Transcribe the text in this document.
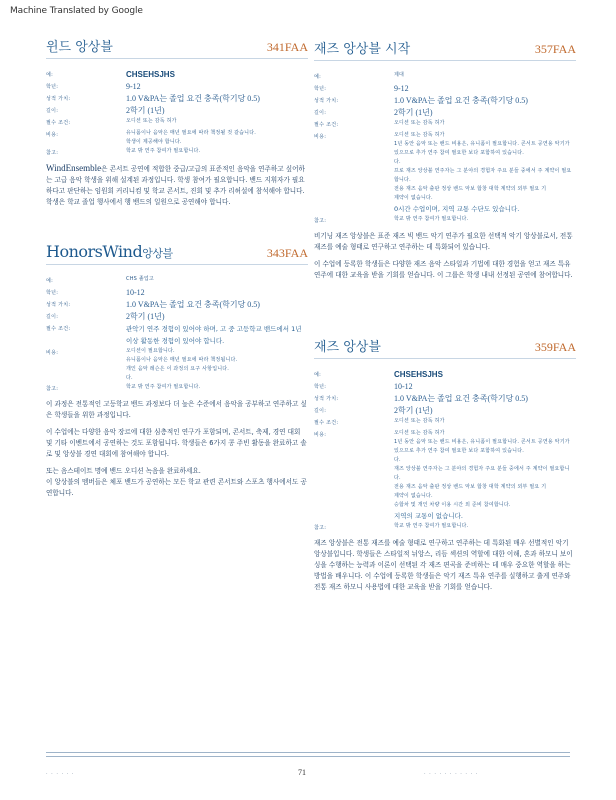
Machine Translated by Google
윈드 앙상블	341FAA
예:	CHSEHSJHS
학년:	9-12
성적 가치:	1.0 V&PA는 졸업 요건 충족(학기당 0.5)
길이:	2학기 (1년)
필수 조건:	오디션 또는 감독 허가
비용:	유니폼이나 음악은 매년 필요에 따라 책정될 것 같습니다.
학생이 제공해야 합니다.
참고:	학교 밖 연주 참여가 필요합니다.

WindEnsemble은 콘서트 공연에 적합한 중급/고급의 표준적인 음악을 연주하고 싶어하는 고급 음악 학생을 위해 설계된 과정입니다. 학생 참여가 필요합니다. 밴드 지휘자가 필요하다고 판단하는 임원회 커리니컴 및 학교 콘서트, 진회 및 추가 리허설에 참석해야 합니다. 학생은 학교 졸업 행사에서 행 밴드의 일원으로 공연해야 합니다.

HonorsWind앙상블	343FAA
예:	CHS 졸업고
학년:	10-12
성적 가치:	1.0 V&PA는 졸업 요건 충족(학기당 0.5)
길이:	2학기 (1년)
필수 조건:	관악기 연주 경험이 있어야 하며, 고 중 고등학교 밴드에서 1년 이상 활동한 경험이 있어야 합니다.
비용:	오디션이 필요합니다.
유니폼이나 음악은 매년 필요에 따라 책정됩니다.
개인 음악 레슨은 이 과정의 요구 사항입니다.
다.
참고:	학교 밖 연주 참여가 필요합니다.

이 과정은 전통적인 고등학교 밴드 과정보다 더 높은 수준에서 음악을 공부하고 연주하고 싶은 학생들을 위한 과정입니다.

이 수업에는 다양한 음악 장르에 대한 심층적인 연구가 포함되며, 콘서트, 축제, 경연 대회 및 기타 이벤트에서 공연하는 것도 포함됩니다. 학생들은 6가지 콩 주빈 활동을 완료하고 솔로 및 앙상블 경연 대회에 참여해야 합니다.

또는 음스테이트 명예 밴드 오디션 녹음을 완료하세요.

이 앙상블의 멤버들은 체포 밴드가 공연하는 모든 학교 관련 콘서트와 스포츠 행사에서도 공연합니다.

재즈 앙상블 시작	357FAA
예:	제대
학년:	9-12
성적 가치:	1.0 V&PA는 졸업 요건 충족(학기당 0.5)
길이:	2학기 (1년)
필수 조건:	오디션 또는 감독 허가
비용:	오디션 또는 감독 허가
1년 동안 음악 또는 밴드 비용은, 유니폼이 필요합니다. 콘서트 공연용 악기가 있으므로 추가 연주 참여 필요한 보다 포함하여 있습니다.
다.
프로 재즈 앙상블 연주자는 그 분야의 경험자 주요 분들 중에서 주 계약이 필요합니다.
전용 재즈 음악 출판 정상 밴드 악보 합창 대학 계약의 외부 필요 기
제약이 없습니다.
0시간 수업이며, 지역 교통 수단도 있습니다.
참고:	학교 밖 연주 참여가 필요합니다.

비기닝 재즈 앙상블은 표준 재즈 빅 밴드 악기 연주가 필요한 선택적 악기 앙상블로서, 전통 재즈를 예술 형태로 연구하고 연주하는 데 특화되어 있습니다.

이 수업에 등록한 학생들은 다양한 재즈 음악 스타일과 기법에 대한 경험을 얻고 재즈 특유 연주에 대한 교육을 받을 기회를 얻습니다. 이 그룹은 학생 내내 선정된 공연에 참여합니다.

재즈 앙상블	359FAA
예:	CHSEHSJHS
학년:	10-12
성적 가치:	1.0 V&PA는 졸업 요건 충족(학기당 0.5)
길이:	2학기 (1년)
필수 조건:	오디션 또는 감독 허가
비용:	오디션 또는 감독 허가
1년 동안 음악 또는 밴드 비용은, 유니폼이 필요합니다. 콘서트 공연용 악기가 있으므로 추가 연주 참여 필요한 보다 포함하여 있습니다.
다.
재즈 앙상블 연주자는 그 분야의 경험자 주요 분들 중에서 주 계약이 필요합니다.
전용 재즈 음악 출판 정상 밴드 악보 합창 대학 계약의 외부 필요 기
제약이 없습니다.
승합차 및 개인 차량 이용 시간 외 준비 참여합니다.
지역의 교통이 없습니다.
참고:	학교 밖 연주 참여가 필요합니다.

재즈 앙상블은 전통 재즈를 예술 형태로 연구하고 연주하는 데 특화된 매우 선별적인 악기 앙상블입니다. 학생들은 스타일적 뉘앙스, 리듬 섹션의 역할에 대한 이해, 혼과 하모니 보이싱을 수행하는 능력과 이론이 선택된 각 재즈 편곡을 준비하는 데 매우 중요한 역할을 하는 방법을 배우니다. 이 수업에 등록한 학생들은 악기 재즈 특유 연주를 실행하고 출게 연주와 전통 재즈 하모니 사용법에 대한 교육을 받을 기회를 얻습니다.

· · · · · ·	71	· · · · · · · · · · ·
